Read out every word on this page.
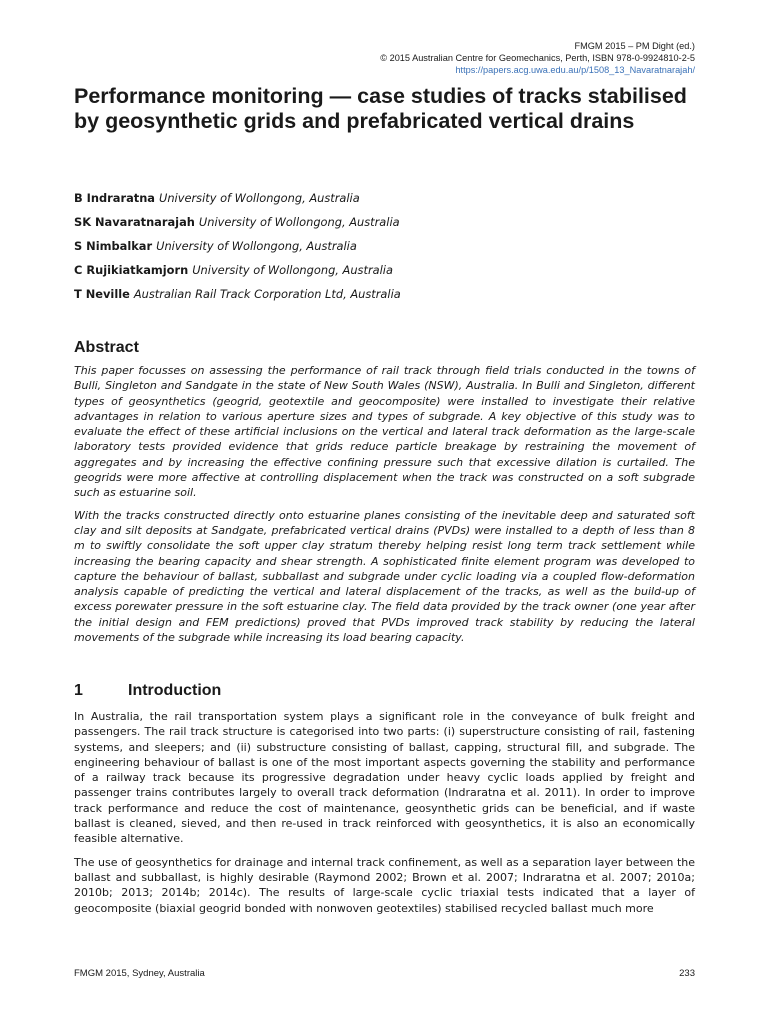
FMGM 2015 – PM Dight (ed.)
© 2015 Australian Centre for Geomechanics, Perth, ISBN 978-0-9924810-2-5
https://papers.acg.uwa.edu.au/p/1508_13_Navaratnarajah/
Performance monitoring — case studies of tracks stabilised by geosynthetic grids and prefabricated vertical drains
B Indraratna University of Wollongong, Australia
SK Navaratnarajah University of Wollongong, Australia
S Nimbalkar University of Wollongong, Australia
C Rujikiatkamjorn University of Wollongong, Australia
T Neville Australian Rail Track Corporation Ltd, Australia
Abstract

This paper focusses on assessing the performance of rail track through field trials conducted in the towns of Bulli, Singleton and Sandgate in the state of New South Wales (NSW), Australia. In Bulli and Singleton, different types of geosynthetics (geogrid, geotextile and geocomposite) were installed to investigate their relative advantages in relation to various aperture sizes and types of subgrade. A key objective of this study was to evaluate the effect of these artificial inclusions on the vertical and lateral track deformation as the large-scale laboratory tests provided evidence that grids reduce particle breakage by restraining the movement of aggregates and by increasing the effective confining pressure such that excessive dilation is curtailed. The geogrids were more affective at controlling displacement when the track was constructed on a soft subgrade such as estuarine soil.

With the tracks constructed directly onto estuarine planes consisting of the inevitable deep and saturated soft clay and silt deposits at Sandgate, prefabricated vertical drains (PVDs) were installed to a depth of less than 8 m to swiftly consolidate the soft upper clay stratum thereby helping resist long term track settlement while increasing the bearing capacity and shear strength. A sophisticated finite element program was developed to capture the behaviour of ballast, subballast and subgrade under cyclic loading via a coupled flow-deformation analysis capable of predicting the vertical and lateral displacement of the tracks, as well as the build-up of excess porewater pressure in the soft estuarine clay. The field data provided by the track owner (one year after the initial design and FEM predictions) proved that PVDs improved track stability by reducing the lateral movements of the subgrade while increasing its load bearing capacity.

1	Introduction

In Australia, the rail transportation system plays a significant role in the conveyance of bulk freight and passengers. The rail track structure is categorised into two parts: (i) superstructure consisting of rail, fastening systems, and sleepers; and (ii) substructure consisting of ballast, capping, structural fill, and subgrade. The engineering behaviour of ballast is one of the most important aspects governing the stability and performance of a railway track because its progressive degradation under heavy cyclic loads applied by freight and passenger trains contributes largely to overall track deformation (Indraratna et al. 2011). In order to improve track performance and reduce the cost of maintenance, geosynthetic grids can be beneficial, and if waste ballast is cleaned, sieved, and then re-used in track reinforced with geosynthetics, it is also an economically feasible alternative.

The use of geosynthetics for drainage and internal track confinement, as well as a separation layer between the ballast and subballast, is highly desirable (Raymond 2002; Brown et al. 2007; Indraratna et al. 2007; 2010a; 2010b; 2013; 2014b; 2014c). The results of large-scale cyclic triaxial tests indicated that a layer of geocomposite (biaxial geogrid bonded with nonwoven geotextiles) stabilised recycled ballast much more

FMGM 2015, Sydney, Australia	233
